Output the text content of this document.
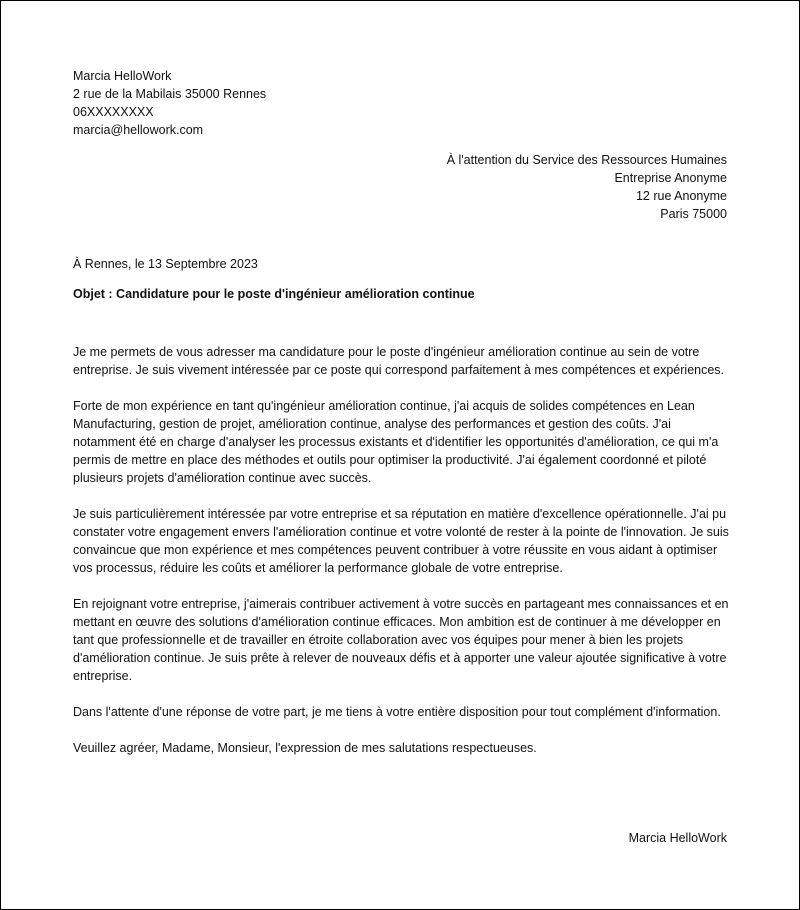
Marcia HelloWork
2 rue de la Mabilais 35000 Rennes
06XXXXXXXX
marcia@hellowork.com
À l'attention du Service des Ressources Humaines
Entreprise Anonyme
12 rue Anonyme
Paris 75000
À Rennes, le 13 Septembre 2023
Objet : Candidature pour le poste d'ingénieur amélioration continue

Je me permets de vous adresser ma candidature pour le poste d'ingénieur amélioration continue au sein de votre entreprise. Je suis vivement intéressée par ce poste qui correspond parfaitement à mes compétences et expériences.

Forte de mon expérience en tant qu'ingénieur amélioration continue, j'ai acquis de solides compétences en Lean Manufacturing, gestion de projet, amélioration continue, analyse des performances et gestion des coûts. J'ai notamment été en charge d'analyser les processus existants et d'identifier les opportunités d'amélioration, ce qui m'a permis de mettre en place des méthodes et outils pour optimiser la productivité. J'ai également coordonné et piloté plusieurs projets d'amélioration continue avec succès.

Je suis particulièrement intéressée par votre entreprise et sa réputation en matière d'excellence opérationnelle. J'ai pu constater votre engagement envers l'amélioration continue et votre volonté de rester à la pointe de l'innovation. Je suis convaincue que mon expérience et mes compétences peuvent contribuer à votre réussite en vous aidant à optimiser vos processus, réduire les coûts et améliorer la performance globale de votre entreprise.

En rejoignant votre entreprise, j'aimerais contribuer activement à votre succès en partageant mes connaissances et en mettant en œuvre des solutions d'amélioration continue efficaces. Mon ambition est de continuer à me développer en tant que professionnelle et de travailler en étroite collaboration avec vos équipes pour mener à bien les projets d'amélioration continue. Je suis prête à relever de nouveaux défis et à apporter une valeur ajoutée significative à votre entreprise.

Dans l'attente d'une réponse de votre part, je me tiens à votre entière disposition pour tout complément d'information.

Veuillez agréer, Madame, Monsieur, l'expression de mes salutations respectueuses.

Marcia HelloWork
